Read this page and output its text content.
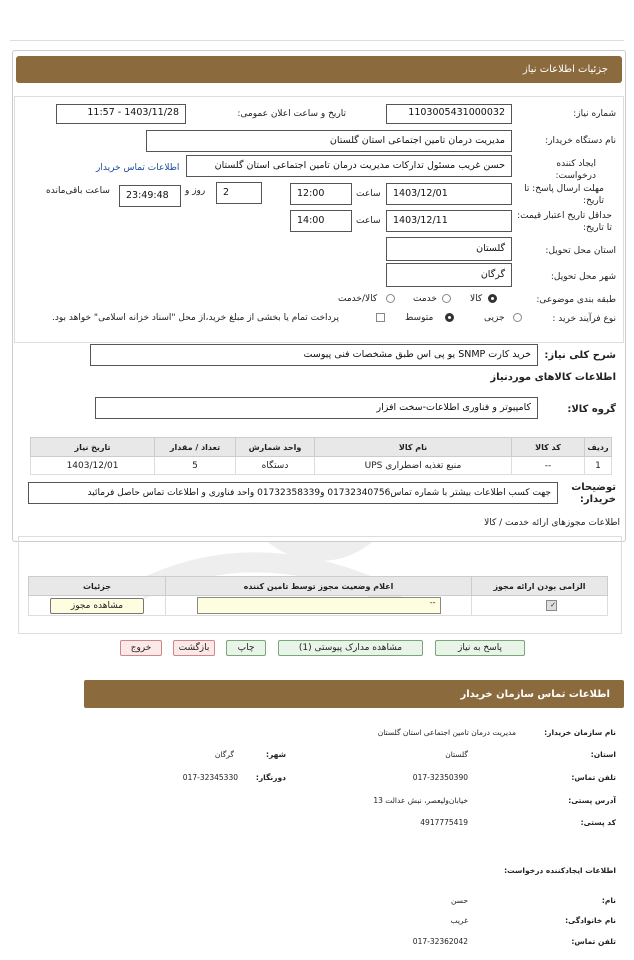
جزئیات اطلاعات نیاز
شماره نیاز:
1103005431000032
تاریخ و ساعت اعلان عمومی:
1403/11/28 - 11:57
نام دستگاه خریدار:
مدیریت درمان تامین اجتماعی استان گلستان
ایجاد کننده درخواست:
حسن غریب مسئول تدارکات مدیریت درمان تامین اجتماعی استان گلستان
اطلاعات تماس خریدار
مهلت ارسال پاسخ: تا تاریخ:
1403/12/01
ساعت
12:00
2
روز و
23:49:48
ساعت باقی‌مانده
حداقل تاریخ اعتبار قیمت: تا تاریخ:
1403/12/11
ساعت
14:00
استان محل تحویل:
گلستان
شهر محل تحویل:
گرگان
طبقه بندی موضوعی:
کالا
خدمت
کالا/خدمت
نوع فرآیند خرید :
جزیی
متوسط
پرداخت تمام یا بخشی از مبلغ خرید،از محل "اسناد خزانه اسلامی" خواهد بود.
شرح کلی نیاز:
خرید کارت SNMP یو پی اس طبق مشخصات فنی پیوست
اطلاعات کالاهای موردنیاز
گروه کالا:
کامپیوتر و فناوری اطلاعات-سخت افزار
ردیف	کد کالا	نام کالا	واحد شمارش	تعداد / مقدار	تاریخ نیاز
1	--	منبع تغذیه اضطراری UPS	دستگاه	5	1403/12/01
توضیحات خریدار:
جهت کسب اطلاعات بیشتر با شماره تماس01732340756 و01732358339 واحد فناوری و اطلاعات تماس حاصل فرمائید
اطلاعات مجوزهای ارائه خدمت / کالا
الزامی بودن ارائه مجوز	اعلام وضعیت مجوز توسط تامین کننده	جزئیات
✓	--	مشاهده مجوز
پاسخ به نیاز
مشاهده مدارک پیوستی (1)
چاپ
بازگشت
خروج
اطلاعات تماس سازمان خریدار
نام سازمان خریدار:
مدیریت درمان تامین اجتماعی استان گلستان
استان:
گلستان
شهر:
گرگان
تلفن تماس:
017-32350390
دورنگار:
017-32345330
آدرس پستی:
خیابان‌ولیعصر، نبش عدالت 13
کد پستی:
4917775419
اطلاعات ایجادکننده درخواست:
نام:
حسن
نام خانوادگی:
غریب
تلفن تماس:
017-32362042
